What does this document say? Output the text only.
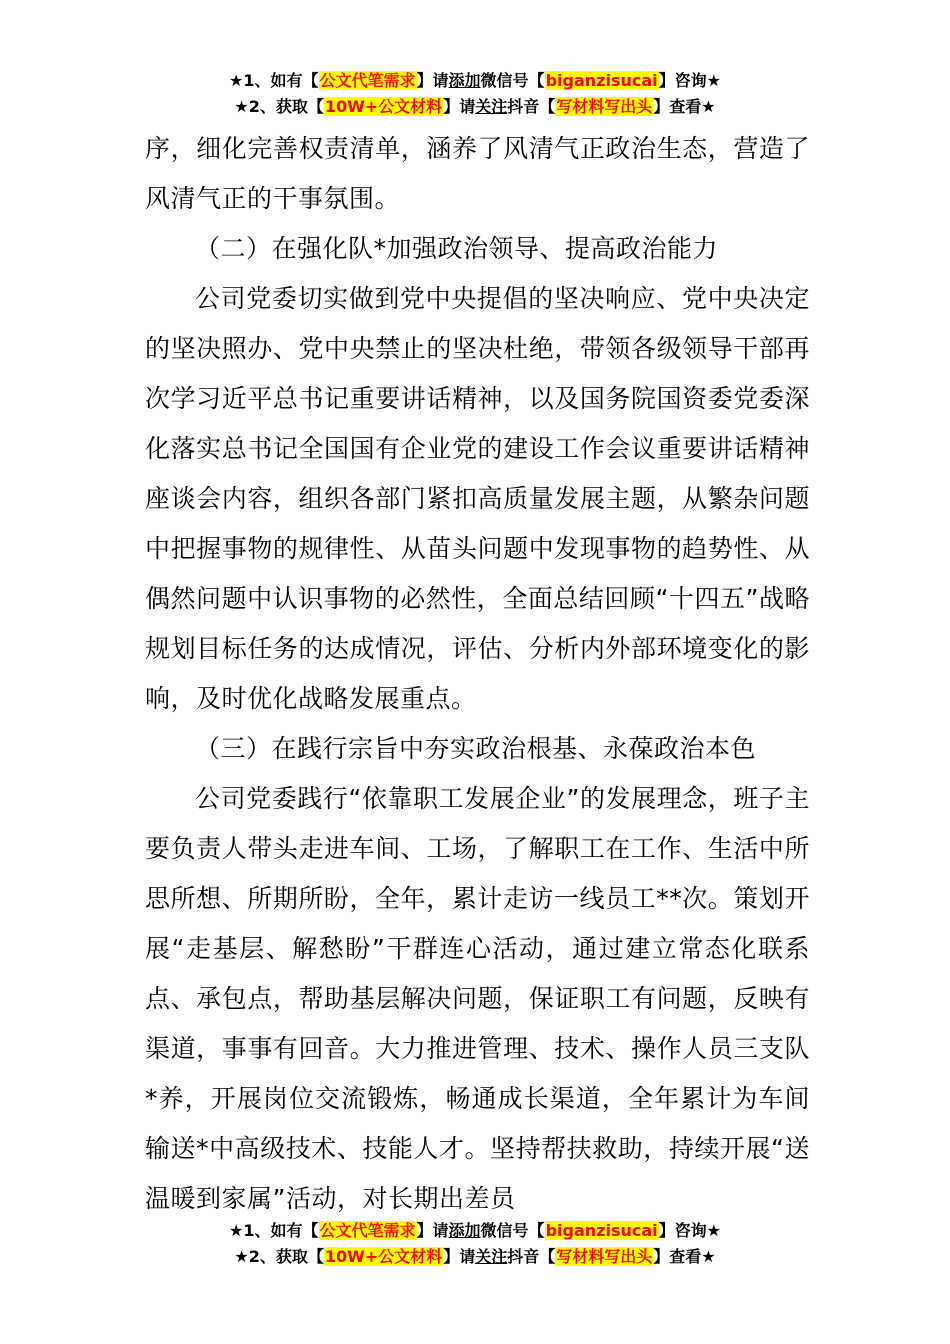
★1、如有【公文代笔需求】请添加微信号【biganzisucai】咨询★
★2、获取【10W+公文材料】请关注抖音【写材料写出头】查看★

序，细化完善权责清单，涵养了风清气正政治生态，营造了风清气正的干事氛围。

（二）在强化队*加强政治领导、提高政治能力

公司党委切实做到党中央提倡的坚决响应、党中央决定的坚决照办、党中央禁止的坚决杜绝，带领各级领导干部再次学习近平总书记重要讲话精神，以及国务院国资委党委深化落实总书记全国国有企业党的建设工作会议重要讲话精神座谈会内容，组织各部门紧扣高质量发展主题，从繁杂问题中把握事物的规律性、从苗头问题中发现事物的趋势性、从偶然问题中认识事物的必然性，全面总结回顾“十四五”战略规划目标任务的达成情况，评估、分析内外部环境变化的影响，及时优化战略发展重点。

（三）在践行宗旨中夯实政治根基、永葆政治本色

公司党委践行“依靠职工发展企业”的发展理念，班子主要负责人带头走进车间、工场，了解职工在工作、生活中所思所想、所期所盼，全年，累计走访一线员工**次。策划开展“走基层、解愁盼”干群连心活动，通过建立常态化联系点、承包点，帮助基层解决问题，保证职工有问题，反映有渠道，事事有回音。大力推进管理、技术、操作人员三支队*养，开展岗位交流锻炼，畅通成长渠道，全年累计为车间输送*中高级技术、技能人才。坚持帮扶救助，持续开展“送温暖到家属”活动，对长期出差员

★1、如有【公文代笔需求】请添加微信号【biganzisucai】咨询★
★2、获取【10W+公文材料】请关注抖音【写材料写出头】查看★
